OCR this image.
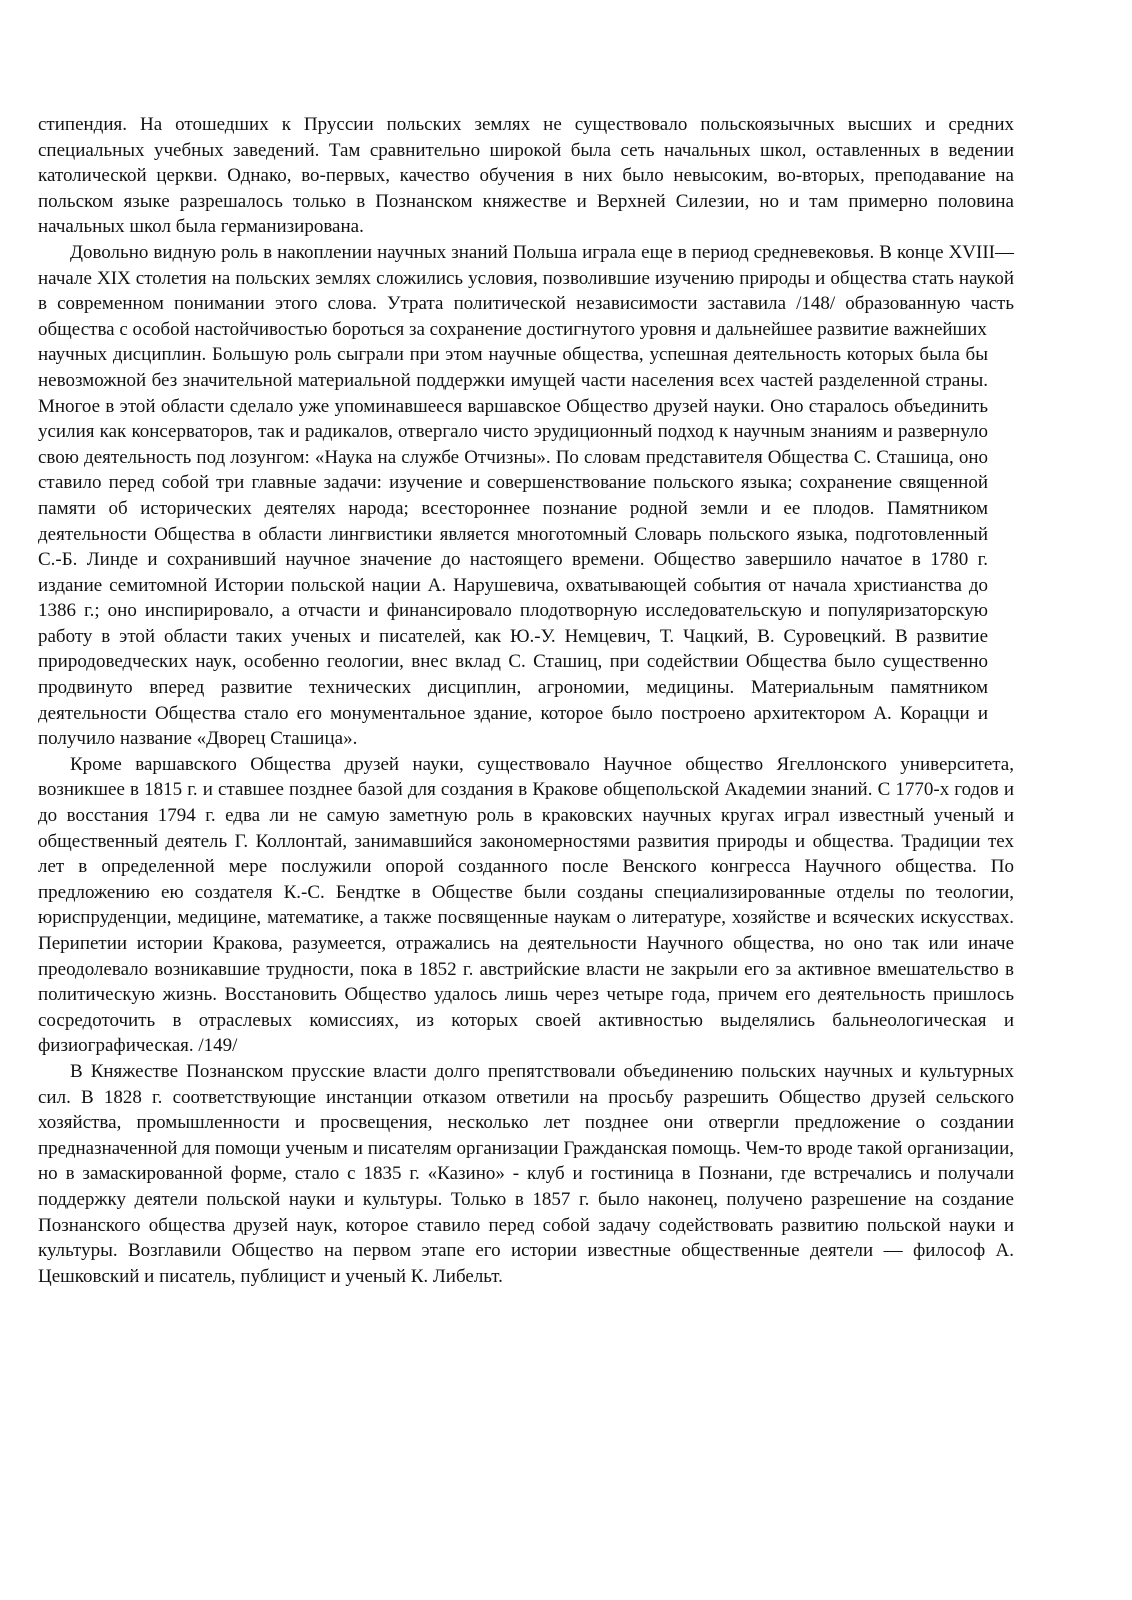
стипендия. На отошедших к Пруссии польских землях не существовало польскоязычных высших и средних специальных учебных заведений. Там сравнительно широкой была сеть начальных школ, оставленных в ведении католической церкви. Однако, во-первых, качество обучения в них было невысоким, во-вторых, преподавание на польском языке разрешалось только в Познанском княжестве и Верхней Силезии, но и там примерно половина начальных школ была германизирована.

Довольно видную роль в накоплении научных знаний Польша играла еще в период средневековья. В конце XVIII—начале XIX столетия на польских землях сложились условия, позволившие изучению природы и общества стать наукой в современном понимании этого слова. Утрата политической независимости заставила /148/ образованную часть общества с особой настойчивостью бороться за сохранение достигнутого уровня и дальнейшее развитие важнейших

научных дисциплин. Большую роль сыграли при этом научные общества, успешная деятельность которых была бы невозможной без значительной материальной поддержки имущей части населения всех частей разделенной страны. Многое в этой области сделало уже упоминавшееся варшавское Общество друзей науки. Оно старалось объединить усилия как консерваторов, так и радикалов, отвергало чисто эрудиционный подход к научным знаниям и развернуло свою деятельность под лозунгом: «Наука на службе Отчизны». По словам представителя Общества С. Сташица, оно ставило перед собой три главные задачи: изучение и совершенствование польского языка; сохранение священной памяти об исторических деятелях народа; всестороннее познание родной земли и ее плодов. Памятником деятельности Общества в области лингвистики является многотомный Словарь польского языка, подготовленный С.-Б. Линде и сохранивший научное значение до настоящего времени. Общество завершило начатое в 1780 г. издание семитомной Истории польской нации А. Нарушевича, охватывающей события от начала христианства до 1386 г.; оно инспирировало, а отчасти и финансировало плодотворную исследовательскую и популяризаторскую работу в этой области таких ученых и писателей, как Ю.-У. Немцевич, Т. Чацкий, В. Суровецкий. В развитие природоведческих наук, особенно геологии, внес вклад С. Сташиц, при содействии Общества было существенно продвинуто вперед развитие технических дисциплин, агрономии, медицины. Материальным памятником деятельности Общества стало его монументальное здание, которое было построено архитектором А. Корацци и получило название «Дворец Сташица».

Кроме варшавского Общества друзей науки, существовало Научное общество Ягеллонского университета, возникшее в 1815 г. и ставшее позднее базой для создания в Кракове общепольской Академии знаний. С 1770-х годов и до восстания 1794 г. едва ли не самую заметную роль в краковских научных кругах играл известный ученый и общественный деятель Г. Коллонтай, занимавшийся закономерностями развития природы и общества. Традиции тех лет в определенной мере послужили опорой созданного после Венского конгресса Научного общества. По предложению ею создателя К.-С. Бендтке в Обществе были созданы специализированные отделы по теологии, юриспруденции, медицине, математике, а также посвященные наукам о литературе, хозяйстве и всяческих искусствах. Перипетии истории Кракова, разумеется, отражались на деятельности Научного общества, но оно так или иначе преодолевало возникавшие трудности, пока в 1852 г. австрийские власти не закрыли его за активное вмешательство в политическую жизнь. Восстановить Общество удалось лишь через четыре года, причем его деятельность пришлось сосредоточить в отраслевых комиссиях, из которых своей активностью выделялись бальнеологическая и физиографическая. /149/

В Княжестве Познанском прусские власти долго препятствовали объединению польских научных и культурных сил. В 1828 г. соответствующие инстанции отказом ответили на просьбу разрешить Общество друзей сельского хозяйства, промышленности и просвещения, несколько лет позднее они отвергли предложение о создании предназначенной для помощи ученым и писателям организации Гражданская помощь. Чем-то вроде такой организации, но в замаскированной форме, стало с 1835 г. «Казино» - клуб и гостиница в Познани, где встречались и получали поддержку деятели польской науки и культуры. Только в 1857 г. было наконец, получено разрешение на создание Познанского общества друзей наук, которое ставило перед собой задачу содействовать развитию польской науки и культуры. Возглавили Общество на первом этапе его истории известные общественные деятели — философ А. Цешковский и писатель, публицист и ученый К. Либельт.
